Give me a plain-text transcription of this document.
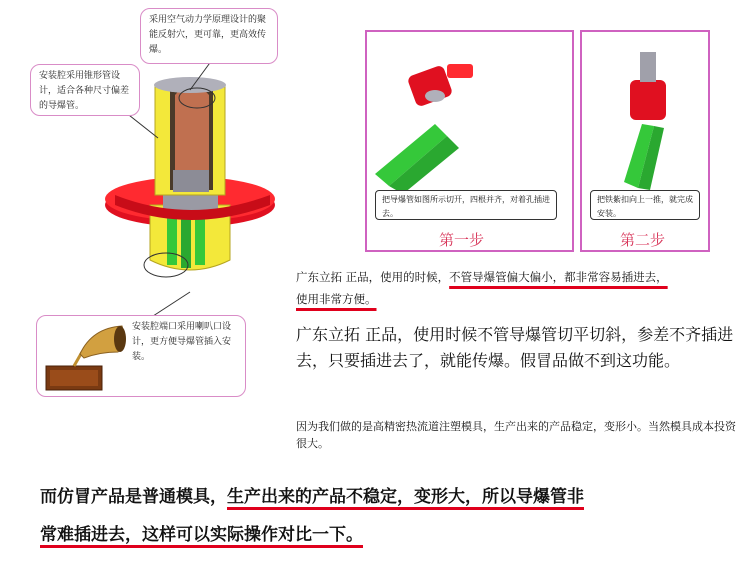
采用空气动力学原理设计的聚能反射穴，更可靠，更高效传爆。
安装腔采用锥形管设计，适合各种尺寸偏差的导爆管。
安装腔端口采用喇叭口设计，更方便导爆管插入安装。
把导爆管如图所示切开，四根并齐，对着孔插进去。
第一步
把铁紫扣向上一推，就完成安装。
第二步
广东立拓 正品，使用的时候，不管导爆管偏大偏小，都非常容易插进去，
使用非常方便。
广东立拓 正品，使用时候不管导爆管切平切斜，参差不齐插进去，只要插进去了，就能传爆。假冒品做不到这功能。
因为我们做的是高精密热流道注塑模具，生产出来的产品稳定，变形小。当然模具成本投资很大。
而仿冒产品是普通模具，生产出来的产品不稳定，变形大，所以导爆管非
常难插进去，这样可以实际操作对比一下。
